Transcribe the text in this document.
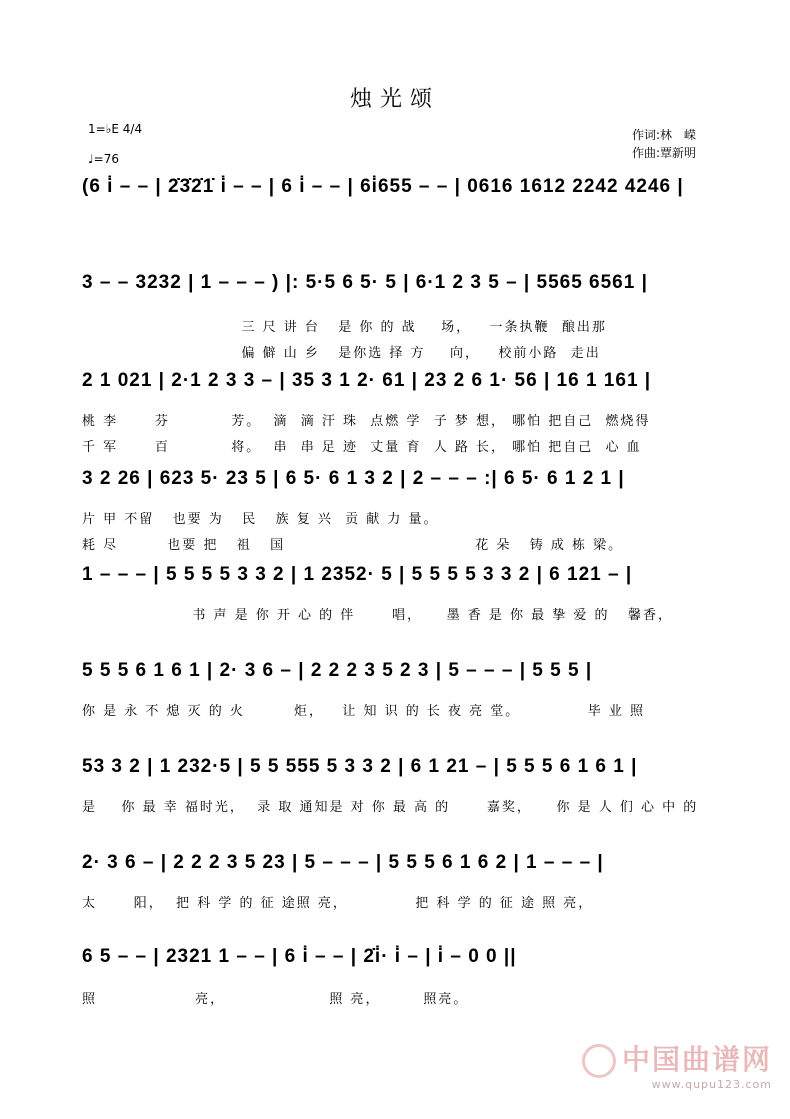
烛光颂
1=♭E 4/4
♩=76
作词:林　嵘
作曲:覃新明
(6 i̇ – – | 2̇3̇2̇1̇ i̇ – – | 6 i̇ – – | 6i̇655 – – | 0616 1612 2242 4246 |
3 – – 3232 | 1 – – – ) |: 5·5 6 5· 5 | 6·1 2 3 5 – | 5565 6561 |
三 尺 讲 台   是 你 的 战    场，   一条执鞭  酿出那
偏 僻 山 乡   是你选 择 方    向，   校前小路  走出
2 1 021 | 2·1 2 3 3 – | 35 3 1 2· 61 | 23 2 6 1· 56 | 16 1 161 |
桃 李      芬          芳。  滴  滴 汗 珠  点燃 学  子 梦 想， 哪怕 把自己  燃烧得
千 军      百          将。  串  串 足 迹  丈量 育  人 路 长， 哪怕 把自己  心 血
3 2 26 | 623 5· 23 5 | 6 5· 6 1 3 2 | 2 – – – :| 6 5· 6 1 2 1 |
片 甲 不留   也要 为   民   族 复 兴  贡 献 力 量。
耗 尽        也要 把   祖   国                               花 朵   铸 成 栋 梁。
1 – – – | 5 5 5 5 3 3 2 | 1 2352· 5 | 5 5 5 5 3 3 2 | 6 121 – |
书 声 是 你 开 心 的 伴      唱，    墨 香 是 你 最 挚 爱 的   馨香，
5 5 5 6 1 6 1 | 2· 3 6 – | 2 2 2 3 5 2 3 | 5 – – – | 5 5 5 |
你 是 永 不 熄 灭 的 火        炬，   让 知 识 的 长 夜 亮 堂。           毕 业 照
53 3 2 | 1 232·5 | 5 5 555 5 3 3 2 | 6 1 21 – | 5 5 5 6 1 6 1 |
是    你 最 幸 福时光，  录 取 通知是 对 你 最 高 的      嘉奖，    你 是 人 们 心 中 的
2· 3 6 – | 2 2 2 3 5 23 | 5 – – – | 5 5 5 6 1 6 2 | 1 – – – |
太      阳，  把 科 学 的 征 途照 亮，           把 科 学 的 征 途 照 亮，
6 5 – – | 2321 1 – – | 6 i̇ – – | 2̇i̇· i̇ – | i̇ – 0 0 ||
照                亮，                 照 亮，       照亮。
中国曲谱网
www.qupu123.com
